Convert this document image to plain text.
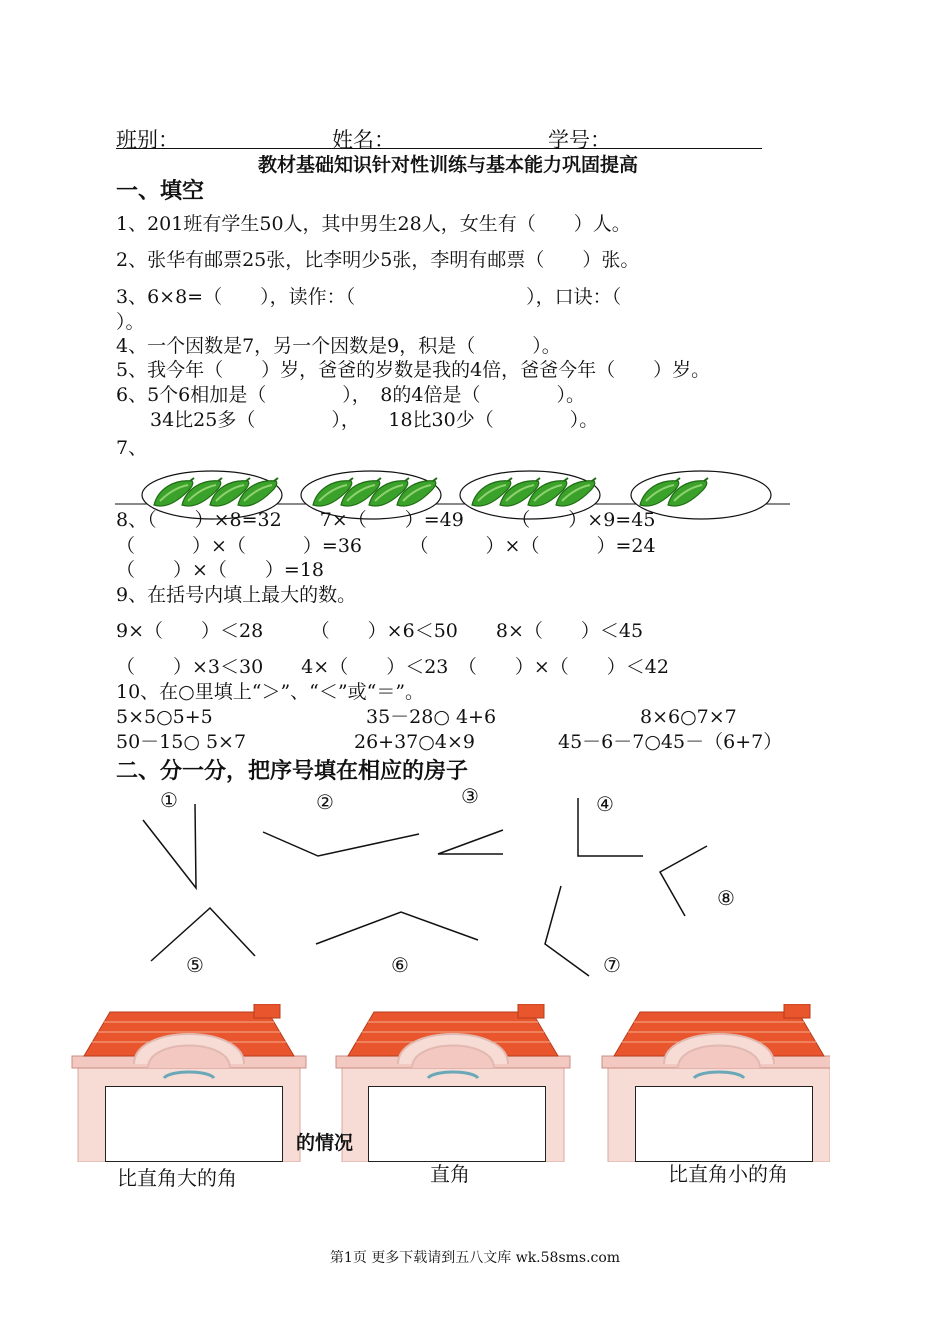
班别：	姓名：	学号：
教材基础知识针对性训练与基本能力巩固提高
一、填空
1、201班有学生50人，其中男生28人，女生有（　　）人。
2、张华有邮票25张，比李明少5张，李明有邮票（　　）张。
3、6×8=（　　），读作：（　　　　　　　　　），口诀：（
）。
4、一个因数是7，另一个因数是9，积是（　　　）。
5、我今年（　　）岁，爸爸的岁数是我的4倍，爸爸今年（　　）岁。
6、5个6相加是（　　　　），　8的4倍是（　　　　）。
34比25多（　　　　），　　18比30少（　　　　）。
7、
8、（　　）×8=32　　7×（　　）=49　　　（　　）×9=45
（　　　）×（　　　）=36　　　（　　　）×（　　　）=24
（　　）×（　　）=18
9、在括号内填上最大的数。
9×（　　）＜28　　　（　　）×6＜50　　8×（　　）＜45
（　　）×3＜30　　4×（　　）＜23　（　　）×（　　）＜42
10、在○里填上“＞”、“＜”或“＝”。
5×5○5+5	35－28○ 4+6	8×6○7×7
50－15○ 5×7	26+37○4×9	45－6－7○45－（6+7）
二、分一分，把序号填在相应的房子
①	②	③	④
⑤	⑥	⑦
⑧
的情况
比直角大的角	直角	比直角小的角
第1页 更多下载请到五八文库 wk.58sms.com
